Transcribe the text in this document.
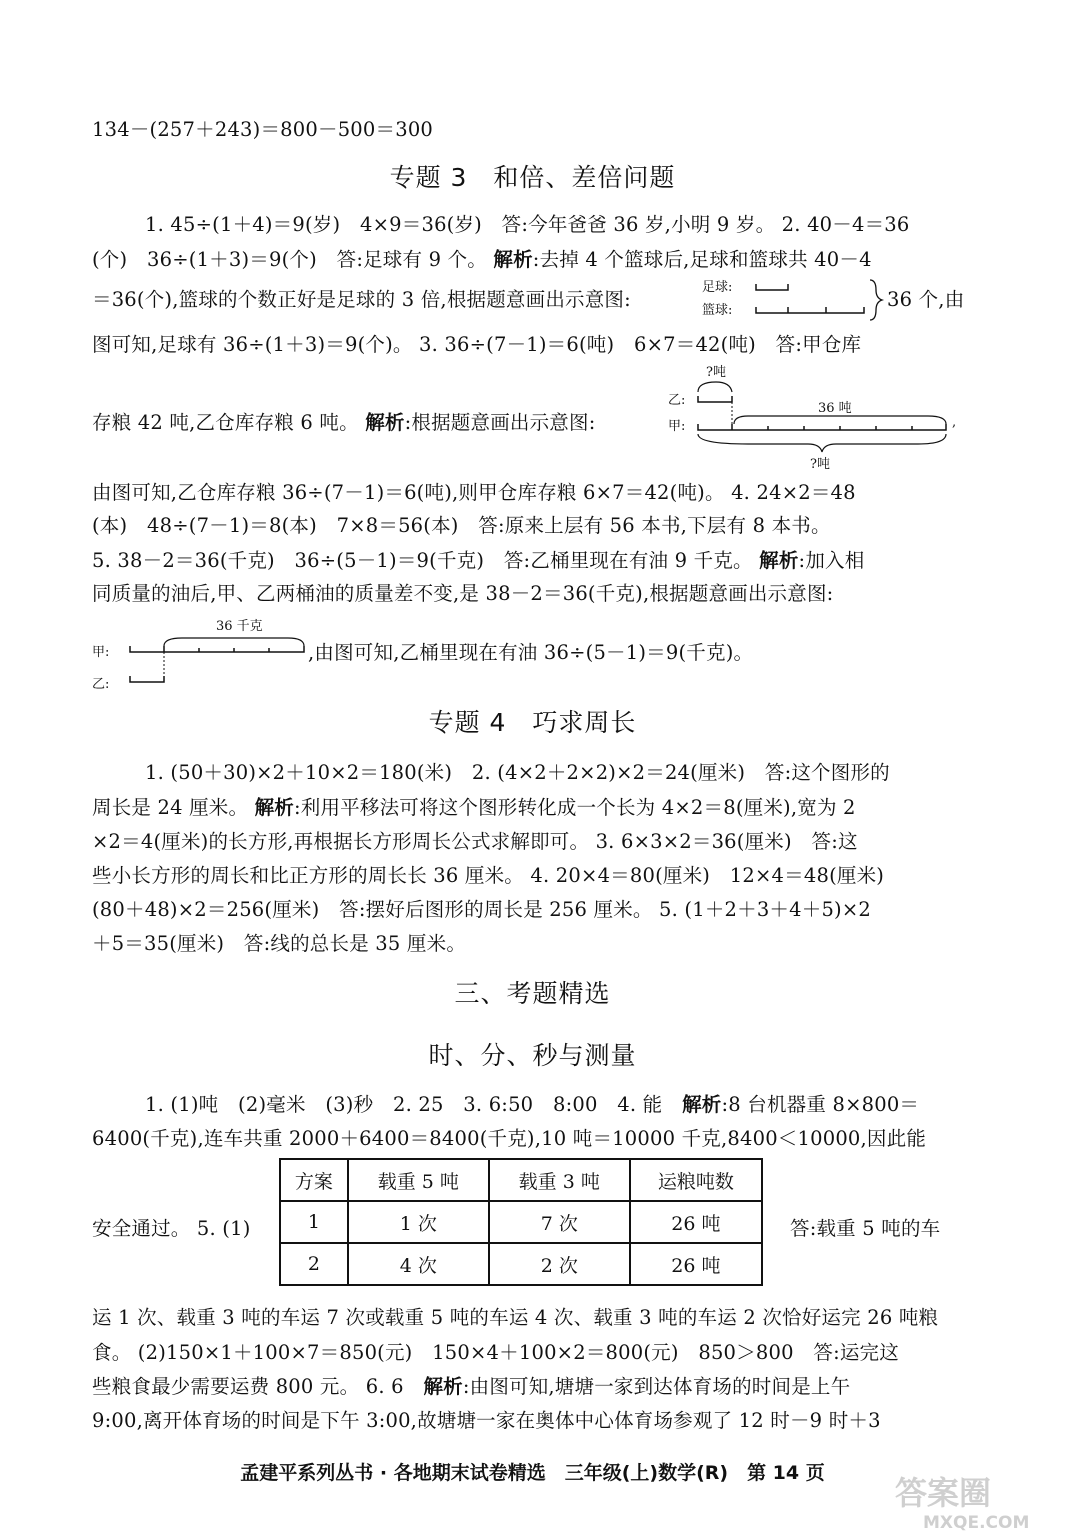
134－(257＋243)＝800－500＝300
专题 3　和倍、差倍问题
1. 45÷(1＋4)＝9(岁)　4×9＝36(岁)　答:今年爸爸 36 岁,小明 9 岁。 2. 40－4＝36
(个)　36÷(1＋3)＝9(个)　答:足球有 9 个。 解析:去掉 4 个篮球后,足球和篮球共 40－4
＝36(个),篮球的个数正好是足球的 3 倍,根据题意画出示意图:
足球:
篮球:	36 个,由
图可知,足球有 36÷(1＋3)＝9(个)。 3. 36÷(7－1)＝6(吨)　6×7＝42(吨)　答:甲仓库
?吨
乙:
甲:
36 吨
?吨
,
存粮 42 吨,乙仓库存粮 6 吨。 解析:根据题意画出示意图:
由图可知,乙仓库存粮 36÷(7－1)＝6(吨),则甲仓库存粮 6×7＝42(吨)。 4. 24×2＝48
(本)　48÷(7－1)＝8(本)　7×8＝56(本)　答:原来上层有 56 本书,下层有 8 本书。
5. 38－2＝36(千克)　36÷(5－1)＝9(千克)　答:乙桶里现在有油 9 千克。 解析:加入相
同质量的油后,甲、乙两桶油的质量差不变,是 38－2＝36(千克),根据题意画出示意图:
36 千克
甲:
乙:
,由图可知,乙桶里现在有油 36÷(5－1)＝9(千克)。
专题 4　巧求周长
1. (50＋30)×2＋10×2＝180(米)　2. (4×2＋2×2)×2＝24(厘米)　答:这个图形的
周长是 24 厘米。 解析:利用平移法可将这个图形转化成一个长为 4×2＝8(厘米),宽为 2
×2＝4(厘米)的长方形,再根据长方形周长公式求解即可。 3. 6×3×2＝36(厘米)　答:这
些小长方形的周长和比正方形的周长长 36 厘米。 4. 20×4＝80(厘米)　12×4＝48(厘米)
(80＋48)×2＝256(厘米)　答:摆好后图形的周长是 256 厘米。 5. (1＋2＋3＋4＋5)×2
＋5＝35(厘米)　答:线的总长是 35 厘米。
三、考题精选
时、分、秒与测量
1. (1)吨　(2)毫米　(3)秒　2. 25　3. 6:50　8:00　4. 能　解析:8 台机器重 8×800＝
6400(千克),连车共重 2000＋6400＝8400(千克),10 吨＝10000 千克,8400＜10000,因此能
安全通过。 5. (1)
方案	载重 5 吨	载重 3 吨	运粮吨数
1	1 次	7 次	26 吨
2	4 次	2 次	26 吨
答:载重 5 吨的车
运 1 次、载重 3 吨的车运 7 次或载重 5 吨的车运 4 次、载重 3 吨的车运 2 次恰好运完 26 吨粮
食。 (2)150×1＋100×7＝850(元)　150×4＋100×2＝800(元)　850＞800　答:运完这
些粮食最少需要运费 800 元。 6. 6　解析:由图可知,塘塘一家到达体育场的时间是上午
9:00,离开体育场的时间是下午 3:00,故塘塘一家在奥体中心体育场参观了 12 时－9 时＋3
孟建平系列丛书 · 各地期末试卷精选　三年级(上)数学(R)　第 14 页
答案圈
MXQE.COM
